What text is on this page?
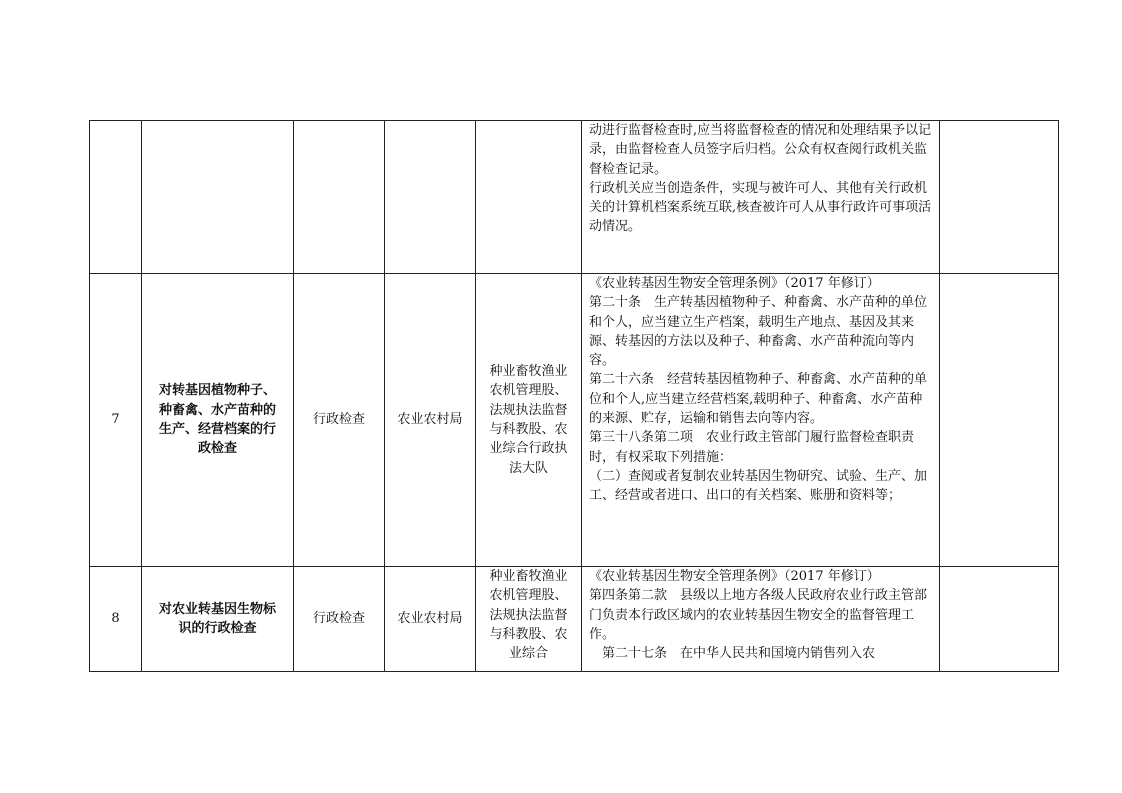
					动进行监督检查时,应当将监督检查的情况和处理结果予以记录，由监督检查人员签字后归档。公众有权查阅行政机关监督检查记录。
行政机关应当创造条件，实现与被许可人、其他有关行政机关的计算机档案系统互联,核查被许可人从事行政许可事项活动情况。	

7	对转基因植物种子、种畜禽、水产苗种的生产、经营档案的行政检查	行政检查	农业农村局	种业畜牧渔业农机管理股、法规执法监督与科教股、农业综合行政执法大队	《农业转基因生物安全管理条例》（2017 年修订）
第二十条　生产转基因植物种子、种畜禽、水产苗种的单位和个人，应当建立生产档案，载明生产地点、基因及其来源、转基因的方法以及种子、种畜禽、水产苗种流向等内容。
第二十六条　经营转基因植物种子、种畜禽、水产苗种的单位和个人,应当建立经营档案,载明种子、种畜禽、水产苗种的来源、贮存，运输和销售去向等内容。
第三十八条第二项　农业行政主管部门履行监督检查职责时，有权采取下列措施：
（二）查阅或者复制农业转基因生物研究、试验、生产、加工、经营或者进口、出口的有关档案、账册和资料等；	

8	对农业转基因生物标识的行政检查	行政检查	农业农村局	种业畜牧渔业农机管理股、法规执法监督与科教股、农业综合	《农业转基因生物安全管理条例》（2017 年修订）
第四条第二款　县级以上地方各级人民政府农业行政主管部门负责本行政区域内的农业转基因生物安全的监督管理工作。
　第二十七条　在中华人民共和国境内销售列入农	
